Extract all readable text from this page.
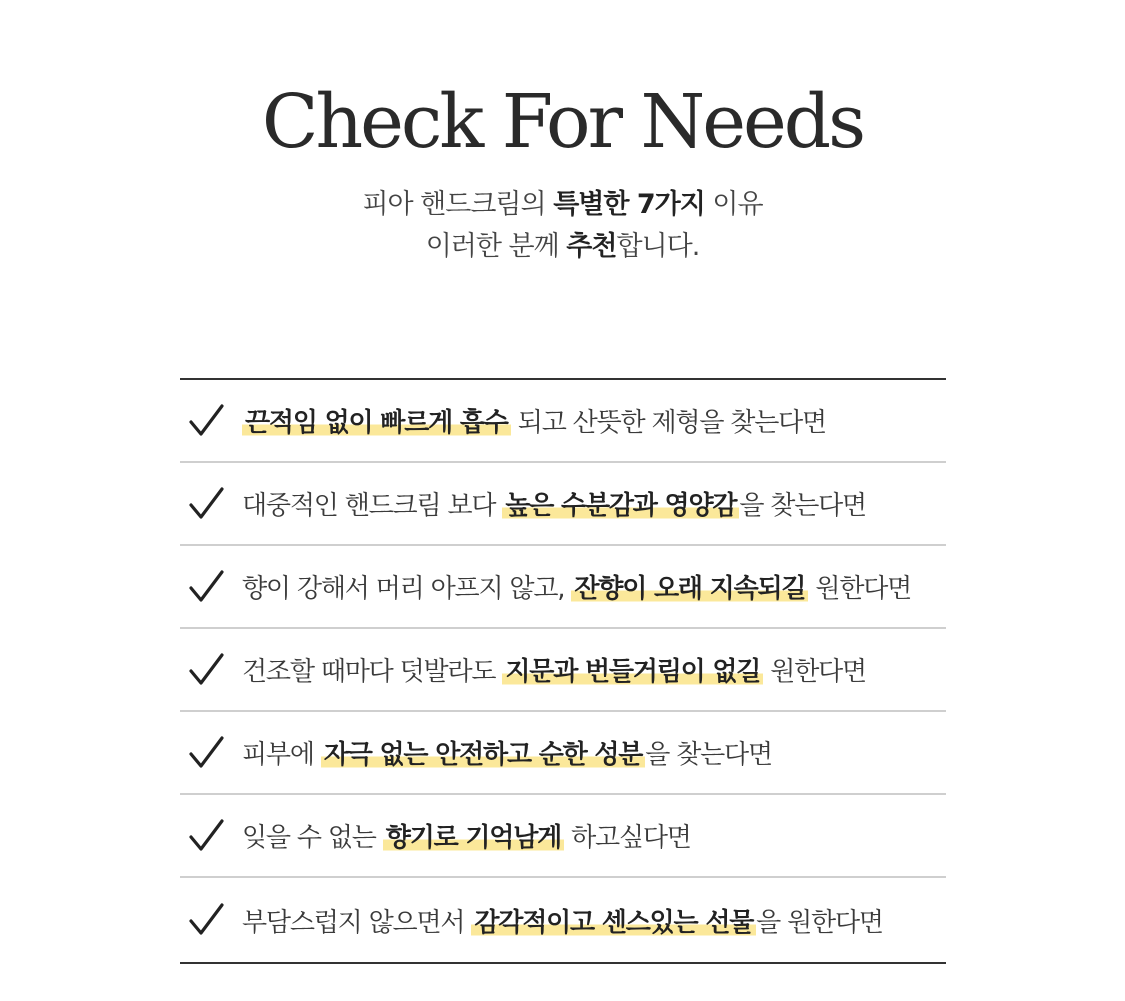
Check For Needs
피아 핸드크림의 특별한 7가지 이유
이러한 분께 추천합니다.
끈적임 없이 빠르게 흡수 되고 산뜻한 제형을 찾는다면
대중적인 핸드크림 보다 높은 수분감과 영양감 을 찾는다면
향이 강해서 머리 아프지 않고, 잔향이 오래 지속되길 원한다면
건조할 때마다 덧발라도 지문과 번들거림이 없길 원한다면
피부에 자극 없는 안전하고 순한 성분 을 찾는다면
잊을 수 없는 향기로 기억남게 하고싶다면
부담스럽지 않으면서 감각적이고 센스있는 선물 을 원한다면
